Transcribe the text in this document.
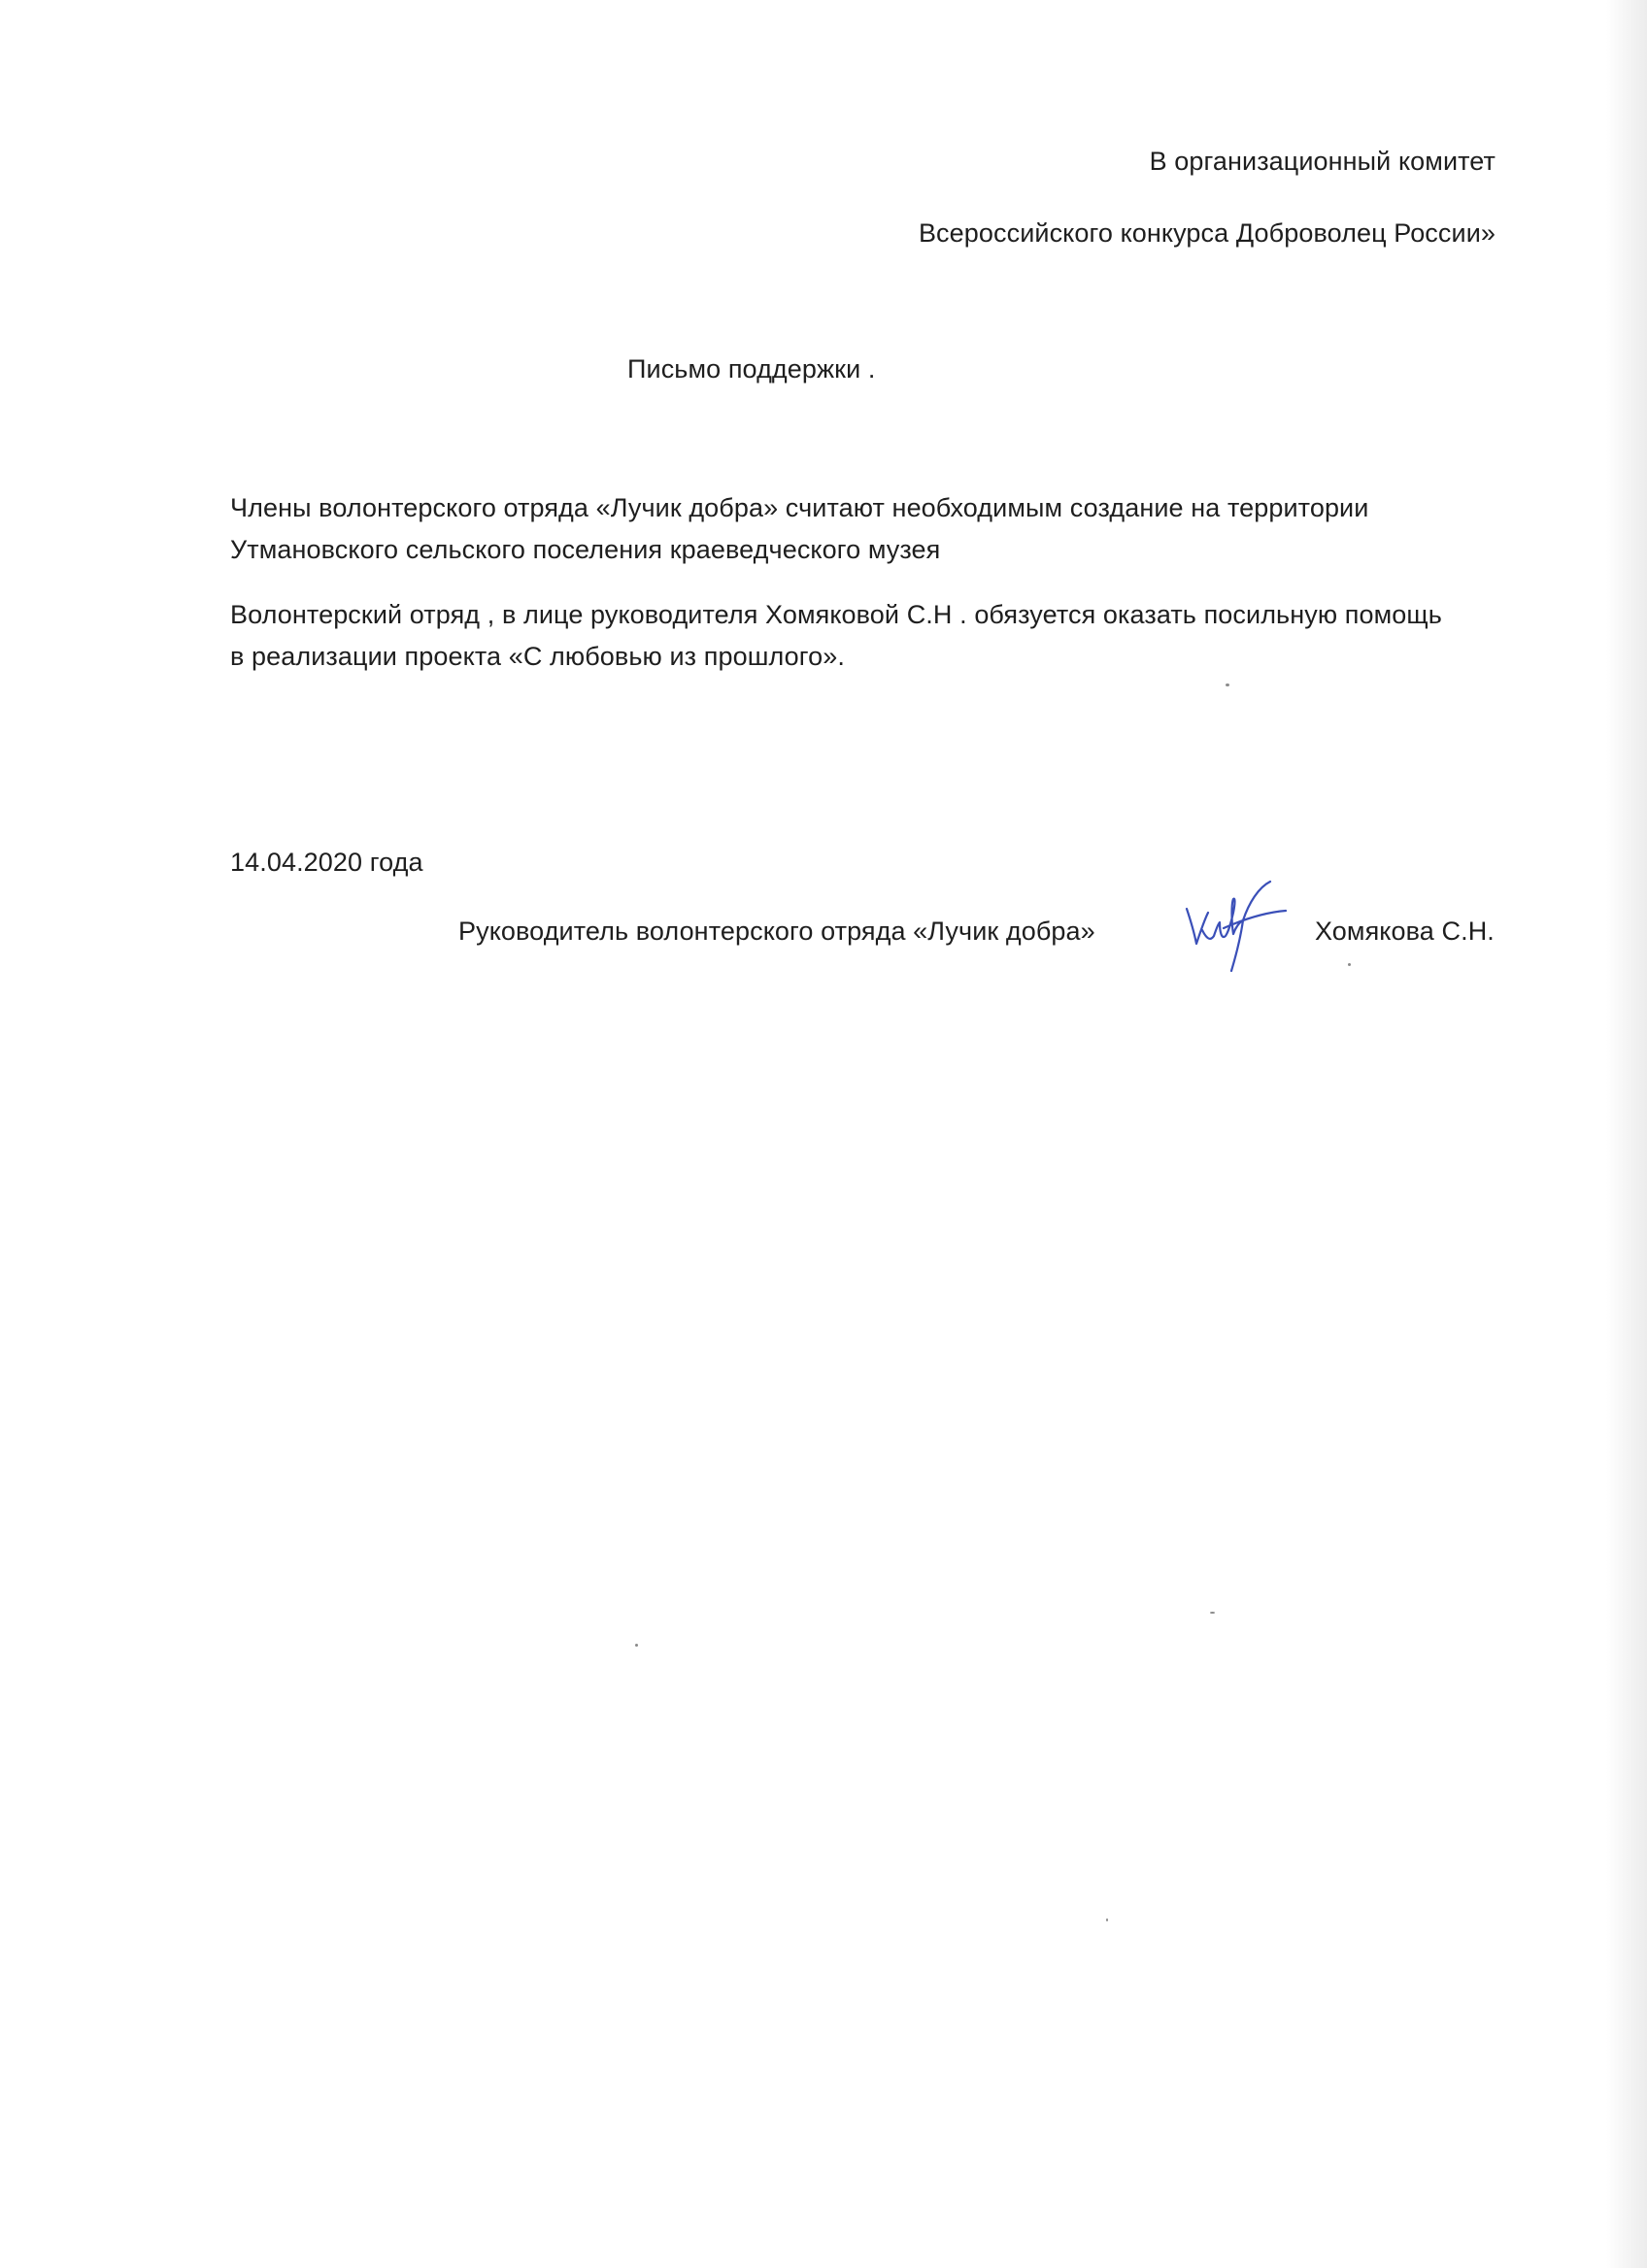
В организационный комитет
Всероссийского конкурса Доброволец России»
Письмо поддержки .
Члены волонтерского отряда «Лучик добра» считают необходимым создание на территории
Утмановского сельского поселения краеведческого музея
Волонтерский отряд , в лице руководителя Хомяковой С.Н . обязуется оказать посильную помощь
в реализации проекта «С любовью из прошлого».
14.04.2020 года
Руководитель волонтерского отряда «Лучик добра»	Хомякова С.Н.
